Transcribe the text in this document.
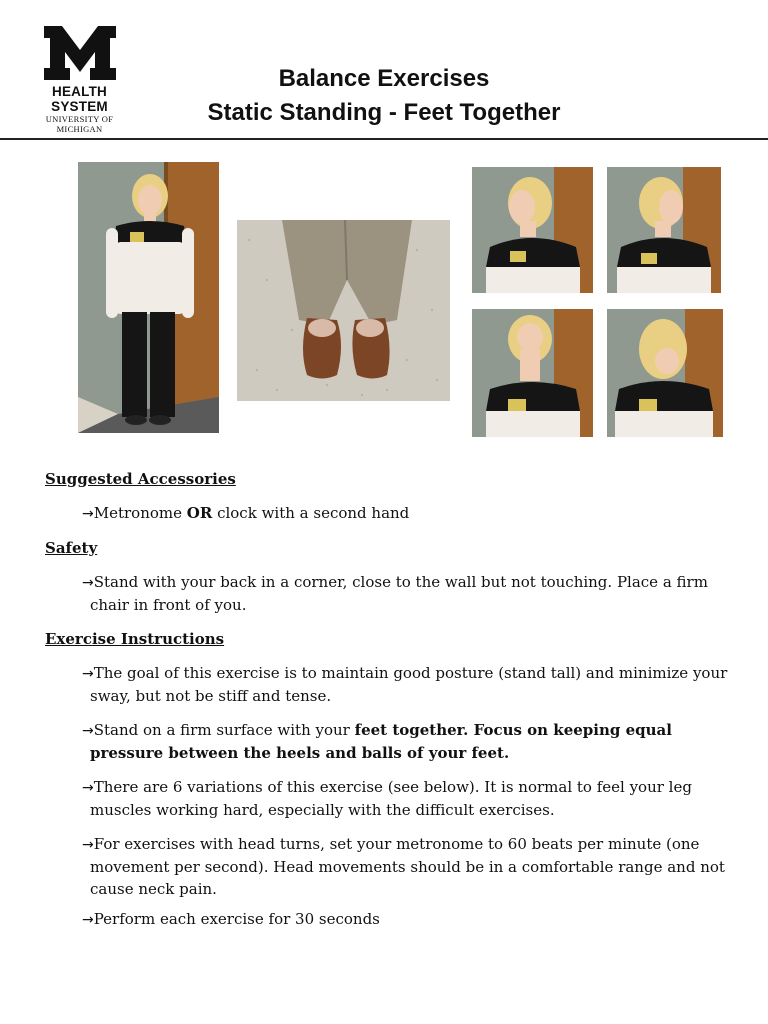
HEALTH SYSTEM
UNIVERSITY OF MICHIGAN
Balance Exercises
Static Standing - Feet Together

Suggested Accessories

→Metronome OR clock with a second hand

Safety

→Stand with your back in a corner, close to the wall but not touching. Place a firm chair in front of you.

Exercise Instructions

→The goal of this exercise is to maintain good posture (stand tall) and minimize your sway, but not be stiff and tense.

→Stand on a firm surface with your feet together. Focus on keeping equal pressure between the heels and balls of your feet.

→There are 6 variations of this exercise (see below). It is normal to feel your leg muscles working hard, especially with the difficult exercises.

→For exercises with head turns, set your metronome to 60 beats per minute (one movement per second). Head movements should be in a comfortable range and not cause neck pain.

→Perform each exercise for 30 seconds
